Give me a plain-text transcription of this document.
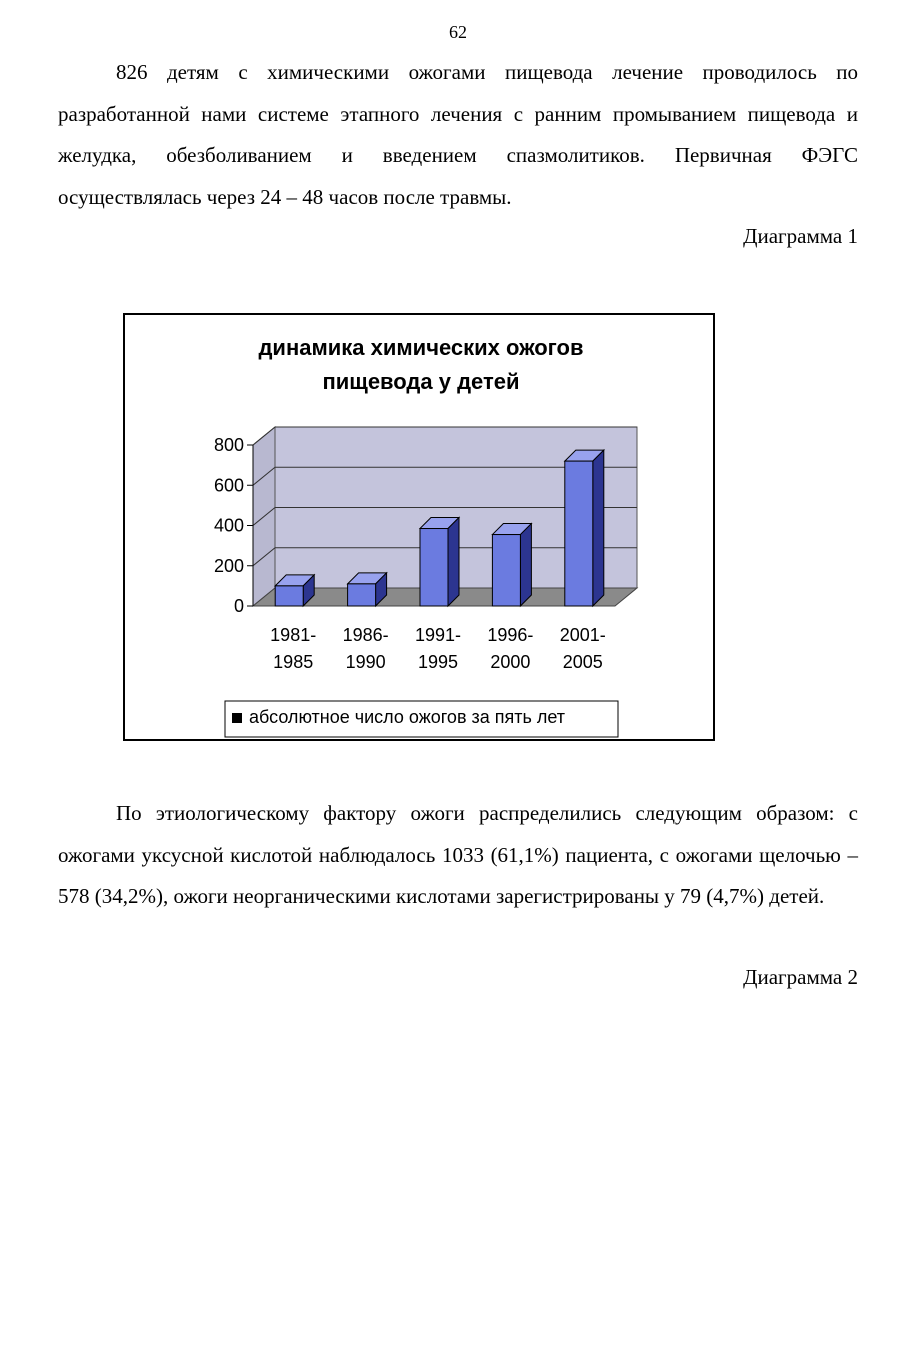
62

826 детям с химическими ожогами пищевода лечение проводилось по разработанной нами системе этапного лечения с ранним промыванием пищевода и желудка, обезболиванием и введением спазмолитиков. Первичная ФЭГС осуществлялась через 24 – 48 часов после травмы.

Диаграмма 1
динамика химических ожогов
пищевода у детей
0
200
400
600
800
1981-
1985
1986-
1990
1991-
1995
1996-
2000
2001-
2005
абсолютное число ожогов за пять лет

По этиологическому фактору ожоги распределились следующим образом: с ожогами уксусной кислотой наблюдалось 1033 (61,1%) пациента, с ожогами щелочью – 578 (34,2%), ожоги неорганическими кислотами зарегистрированы у 79 (4,7%) детей.

Диаграмма 2
